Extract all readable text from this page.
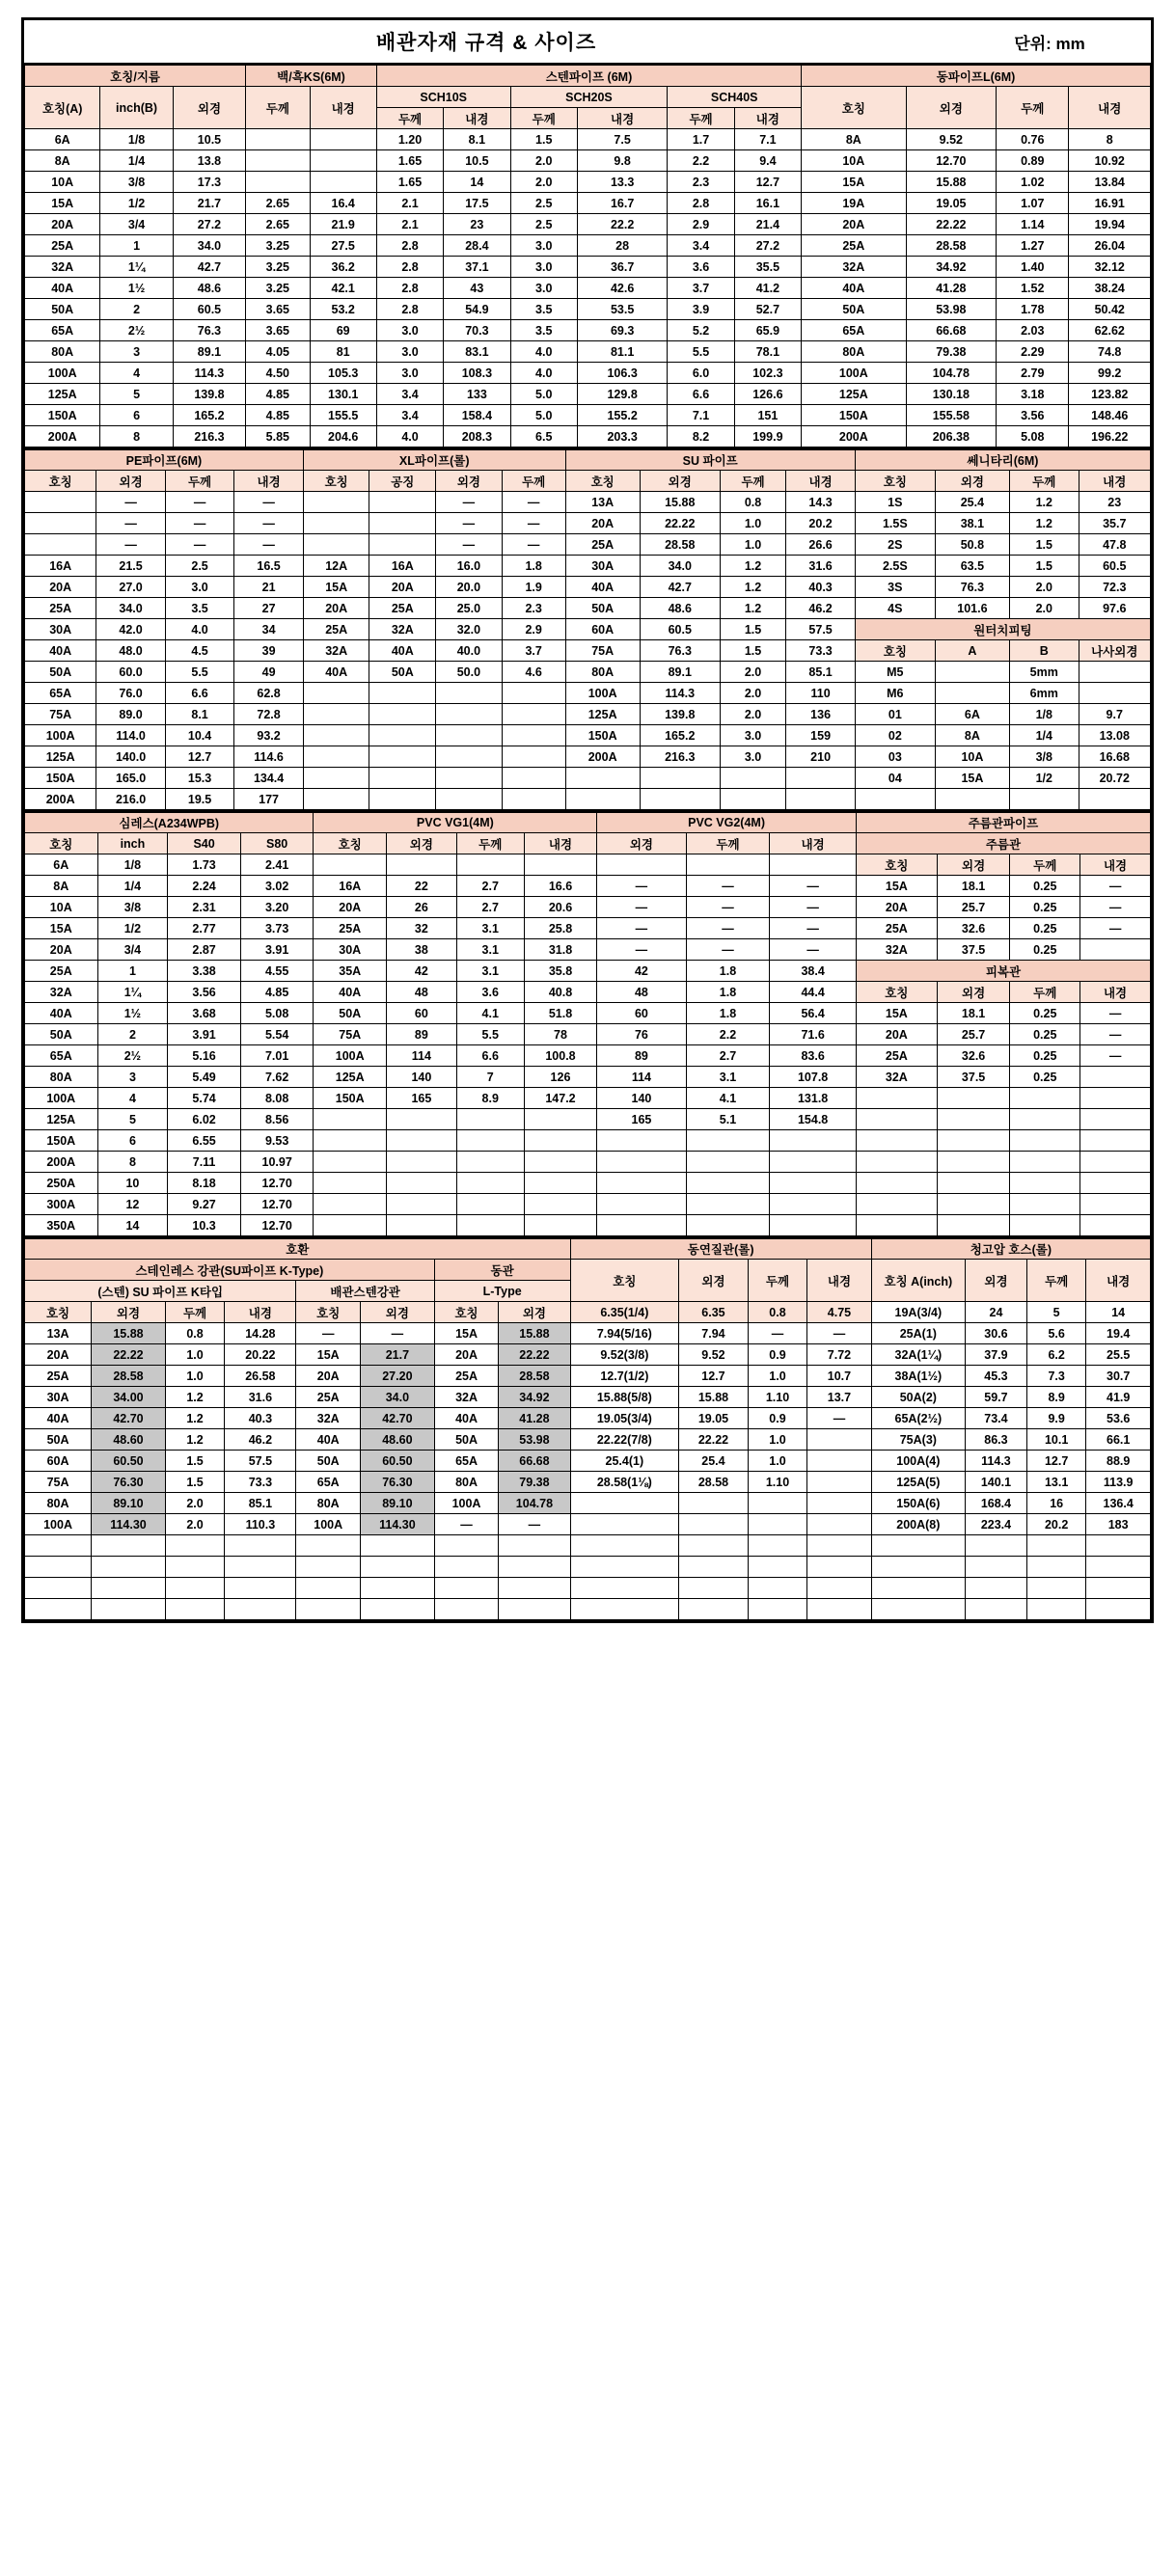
배관자재 규격 & 사이즈	단위: mm
호칭/지름			백/흑KS(6M)		스텐파이프 (6M)						동파이프L(6M)			
호칭(A)	inch(B)	외경	두께	내경	SCH10S		SCH20S		SCH40S		호칭	외경	두께	내경
					두께	내경	두께	내경	두께	내경				
6A	1/8	10.5			1.20	8.1	1.5	7.5	1.7	7.1	8A	9.52	0.76	8
8A	1/4	13.8			1.65	10.5	2.0	9.8	2.2	9.4	10A	12.70	0.89	10.92
10A	3/8	17.3			1.65	14	2.0	13.3	2.3	12.7	15A	15.88	1.02	13.84
15A	1/2	21.7	2.65	16.4	2.1	17.5	2.5	16.7	2.8	16.1	19A	19.05	1.07	16.91
20A	3/4	27.2	2.65	21.9	2.1	23	2.5	22.2	2.9	21.4	20A	22.22	1.14	19.94
25A	1	34.0	3.25	27.5	2.8	28.4	3.0	28	3.4	27.2	25A	28.58	1.27	26.04
32A	1¼	42.7	3.25	36.2	2.8	37.1	3.0	36.7	3.6	35.5	32A	34.92	1.40	32.12
40A	1½	48.6	3.25	42.1	2.8	43	3.0	42.6	3.7	41.2	40A	41.28	1.52	38.24
50A	2	60.5	3.65	53.2	2.8	54.9	3.5	53.5	3.9	52.7	50A	53.98	1.78	50.42
65A	2½	76.3	3.65	69	3.0	70.3	3.5	69.3	5.2	65.9	65A	66.68	2.03	62.62
80A	3	89.1	4.05	81	3.0	83.1	4.0	81.1	5.5	78.1	80A	79.38	2.29	74.8
100A	4	114.3	4.50	105.3	3.0	108.3	4.0	106.3	6.0	102.3	100A	104.78	2.79	99.2
125A	5	139.8	4.85	130.1	3.4	133	5.0	129.8	6.6	126.6	125A	130.18	3.18	123.82
150A	6	165.2	4.85	155.5	3.4	158.4	5.0	155.2	7.1	151	150A	155.58	3.56	148.46
200A	8	216.3	5.85	204.6	4.0	208.3	6.5	203.3	8.2	199.9	200A	206.38	5.08	196.22
PE파이프(6M)				XL파이프(롤)				SU 파이프				쎄니타리(6M)			
호칭	외경	두께	내경	호칭	공징	외경	두께	호칭	외경	두께	내경	호칭	외경	두께	내경
	—	—	—			—	—	13A	15.88	0.8	14.3	1S	25.4	1.2	23
	—	—	—			—	—	20A	22.22	1.0	20.2	1.5S	38.1	1.2	35.7
	—	—	—			—	—	25A	28.58	1.0	26.6	2S	50.8	1.5	47.8
16A	21.5	2.5	16.5	12A	16A	16.0	1.8	30A	34.0	1.2	31.6	2.5S	63.5	1.5	60.5
20A	27.0	3.0	21	15A	20A	20.0	1.9	40A	42.7	1.2	40.3	3S	76.3	2.0	72.3
25A	34.0	3.5	27	20A	25A	25.0	2.3	50A	48.6	1.2	46.2	4S	101.6	2.0	97.6
30A	42.0	4.0	34	25A	32A	32.0	2.9	60A	60.5	1.5	57.5	원터치피팅			
40A	48.0	4.5	39	32A	40A	40.0	3.7	75A	76.3	1.5	73.3	호칭	A	B	나사외경
50A	60.0	5.5	49	40A	50A	50.0	4.6	80A	89.1	2.0	85.1	M5		5mm	
65A	76.0	6.6	62.8					100A	114.3	2.0	110	M6		6mm	
75A	89.0	8.1	72.8					125A	139.8	2.0	136	01	6A	1/8	9.7
100A	114.0	10.4	93.2					150A	165.2	3.0	159	02	8A	1/4	13.08
125A	140.0	12.7	114.6					200A	216.3	3.0	210	03	10A	3/8	16.68
150A	165.0	15.3	134.4									04	15A	1/2	20.72
200A	216.0	19.5	177												
심레스(A234WPB)				PVC VG1(4M)				PVC VG2(4M)			주름관파이프			
호칭	inch	S40	S80	호칭	외경	두께	내경	외경	두께	내경	주름관			
6A	1/8	1.73	2.41								호칭	외경	두께	내경
8A	1/4	2.24	3.02	16A	22	2.7	16.6	—	—	—	15A	18.1	0.25	—
10A	3/8	2.31	3.20	20A	26	2.7	20.6	—	—	—	20A	25.7	0.25	—
15A	1/2	2.77	3.73	25A	32	3.1	25.8	—	—	—	25A	32.6	0.25	—
20A	3/4	2.87	3.91	30A	38	3.1	31.8	—	—	—	32A	37.5	0.25	
25A	1	3.38	4.55	35A	42	3.1	35.8	42	1.8	38.4	피복관			
32A	1¼	3.56	4.85	40A	48	3.6	40.8	48	1.8	44.4	호칭	외경	두께	내경
40A	1½	3.68	5.08	50A	60	4.1	51.8	60	1.8	56.4	15A	18.1	0.25	—
50A	2	3.91	5.54	75A	89	5.5	78	76	2.2	71.6	20A	25.7	0.25	—
65A	2½	5.16	7.01	100A	114	6.6	100.8	89	2.7	83.6	25A	32.6	0.25	—
80A	3	5.49	7.62	125A	140	7	126	114	3.1	107.8	32A	37.5	0.25	
100A	4	5.74	8.08	150A	165	8.9	147.2	140	4.1	131.8				
125A	5	6.02	8.56					165	5.1	154.8				
150A	6	6.55	9.53											
200A	8	7.11	10.97											
250A	10	8.18	12.70											
300A	12	9.27	12.70											
350A	14	10.3	12.70											
호환								동연질관(롤)				청고압 호스(롤)			
스테인레스 강관(SU파이프 K-Type)						동관		호칭	외경	두께	내경	호칭 A(inch)	외경	두께	내경
(스텐) SU 파이프 K타입				배관스텐강관		L-Type									
호칭	외경	두께	내경	호칭	외경	호칭	외경	6.35(1/4)	6.35	0.8	4.75	19A(3/4)	24	5	14
13A	15.88	0.8	14.28	—	—	15A	15.88	7.94(5/16)	7.94	—	—	25A(1)	30.6	5.6	19.4
20A	22.22	1.0	20.22	15A	21.7	20A	22.22	9.52(3/8)	9.52	0.9	7.72	32A(1¼)	37.9	6.2	25.5
25A	28.58	1.0	26.58	20A	27.20	25A	28.58	12.7(1/2)	12.7	1.0	10.7	38A(1½)	45.3	7.3	30.7
30A	34.00	1.2	31.6	25A	34.0	32A	34.92	15.88(5/8)	15.88	1.10	13.7	50A(2)	59.7	8.9	41.9
40A	42.70	1.2	40.3	32A	42.70	40A	41.28	19.05(3/4)	19.05	0.9	—	65A(2½)	73.4	9.9	53.6
50A	48.60	1.2	46.2	40A	48.60	50A	53.98	22.22(7/8)	22.22	1.0		75A(3)	86.3	10.1	66.1
60A	60.50	1.5	57.5	50A	60.50	65A	66.68	25.4(1)	25.4	1.0		100A(4)	114.3	12.7	88.9
75A	76.30	1.5	73.3	65A	76.30	80A	79.38	28.58(1⅛)	28.58	1.10		125A(5)	140.1	13.1	113.9
80A	89.10	2.0	85.1	80A	89.10	100A	104.78					150A(6)	168.4	16	136.4
100A	114.30	2.0	110.3	100A	114.30	—	—					200A(8)	223.4	20.2	183
